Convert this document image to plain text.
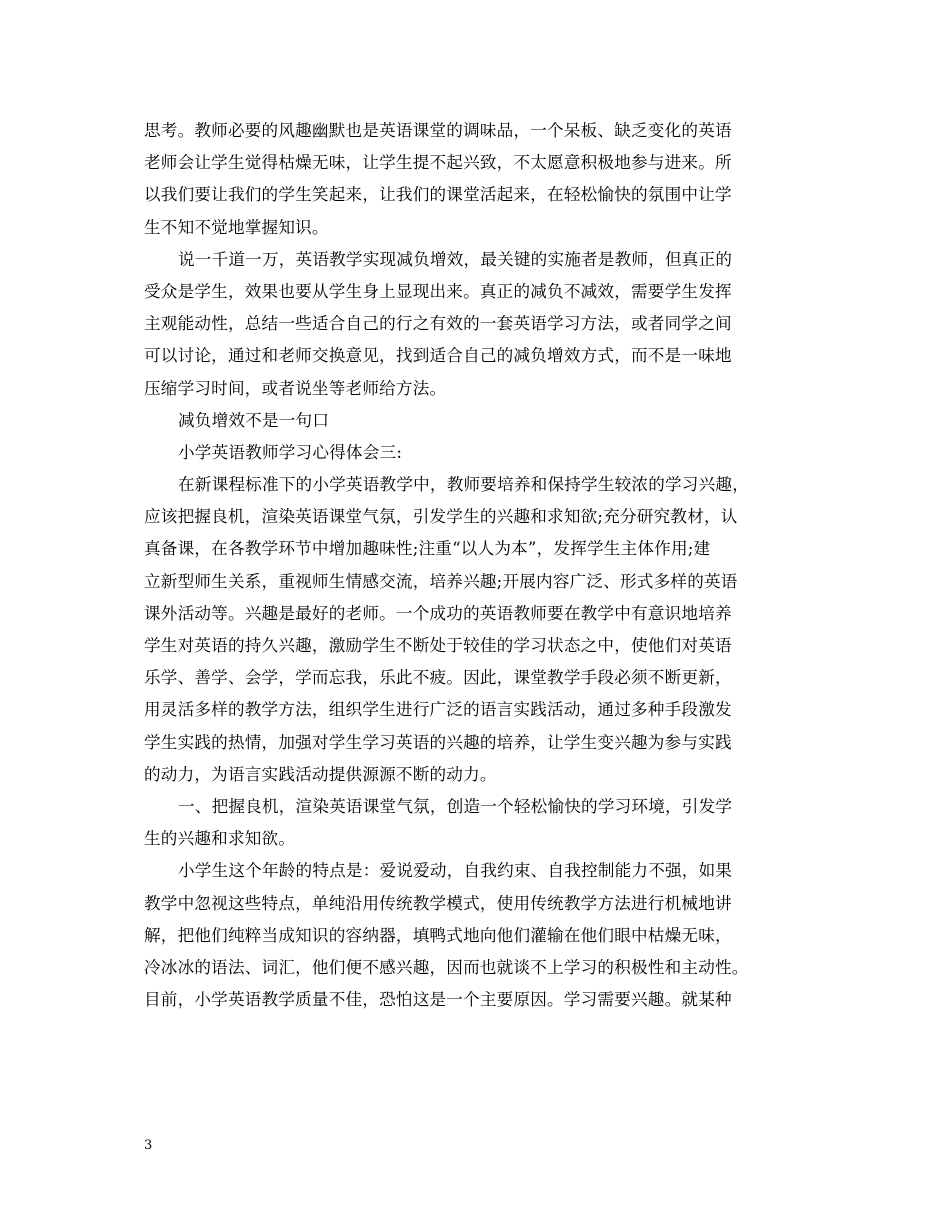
思考。教师必要的风趣幽默也是英语课堂的调味品，一个呆板、缺乏变化的英语
老师会让学生觉得枯燥无味，让学生提不起兴致，不太愿意积极地参与进来。所
以我们要让我们的学生笑起来，让我们的课堂活起来，在轻松愉快的氛围中让学
生不知不觉地掌握知识。
说一千道一万，英语教学实现减负增效，最关键的实施者是教师，但真正的
受众是学生，效果也要从学生身上显现出来。真正的减负不减效，需要学生发挥
主观能动性，总结一些适合自己的行之有效的一套英语学习方法，或者同学之间
可以讨论，通过和老师交换意见，找到适合自己的减负增效方式，而不是一味地
压缩学习时间，或者说坐等老师给方法。
减负增效不是一句口
小学英语教师学习心得体会三:
在新课程标准下的小学英语教学中，教师要培养和保持学生较浓的学习兴趣，
应该把握良机，渲染英语课堂气氛，引发学生的兴趣和求知欲;充分研究教材，认
真备课，在各教学环节中增加趣味性;注重“以人为本”，发挥学生主体作用;建
立新型师生关系，重视师生情感交流，培养兴趣;开展内容广泛、形式多样的英语
课外活动等。兴趣是最好的老师。一个成功的英语教师要在教学中有意识地培养
学生对英语的持久兴趣，激励学生不断处于较佳的学习状态之中，使他们对英语
乐学、善学、会学，学而忘我，乐此不疲。因此，课堂教学手段必须不断更新，
用灵活多样的教学方法，组织学生进行广泛的语言实践活动，通过多种手段激发
学生实践的热情，加强对学生学习英语的兴趣的培养，让学生变兴趣为参与实践
的动力，为语言实践活动提供源源不断的动力。
一、把握良机，渲染英语课堂气氛，创造一个轻松愉快的学习环境，引发学
生的兴趣和求知欲。
小学生这个年龄的特点是：爱说爱动，自我约束、自我控制能力不强，如果
教学中忽视这些特点，单纯沿用传统教学模式，使用传统教学方法进行机械地讲
解，把他们纯粹当成知识的容纳器，填鸭式地向他们灌输在他们眼中枯燥无味，
冷冰冰的语法、词汇，他们便不感兴趣，因而也就谈不上学习的积极性和主动性。
目前，小学英语教学质量不佳，恐怕这是一个主要原因。学习需要兴趣。就某种
3
